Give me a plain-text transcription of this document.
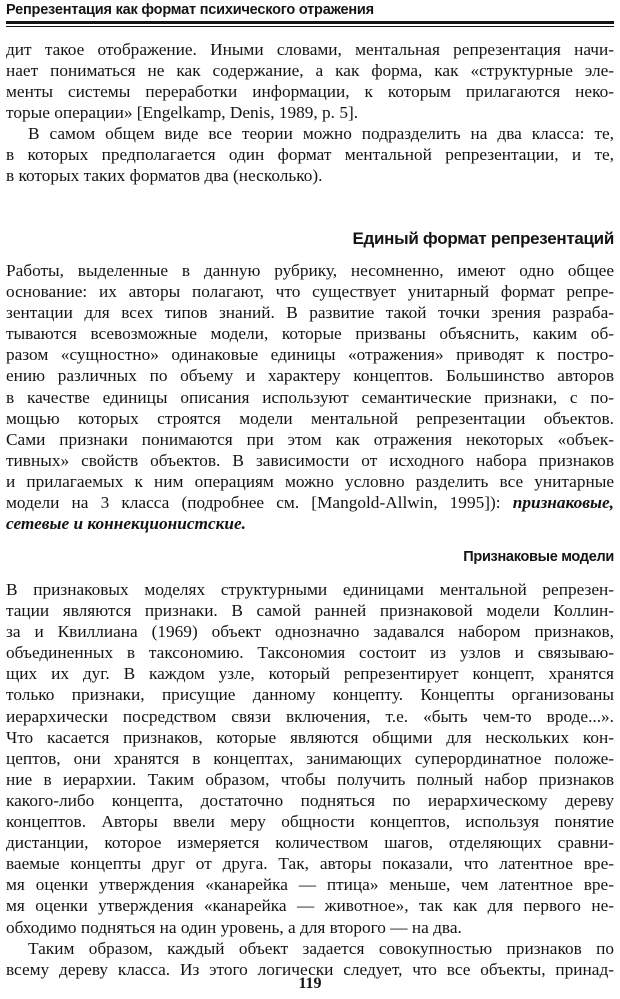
Репрезентация как формат психического отражения
дит такое отображение. Иными словами, ментальная репрезентация начи-
нает пониматься не как содержание, а как форма, как «структурные эле-
менты системы переработки информации, к которым прилагаются неко-
торые операции» [Engelkamp, Denis, 1989, p. 5].
В самом общем виде все теории можно подразделить на два класса: те,
в которых предполагается один формат ментальной репрезентации, и те,
в которых таких форматов два (несколько).
Единый формат репрезентаций
Работы, выделенные в данную рубрику, несомненно, имеют одно общее
основание: их авторы полагают, что существует унитарный формат репре-
зентации для всех типов знаний. В развитие такой точки зрения разраба-
тываются всевозможные модели, которые призваны объяснить, каким об-
разом «сущностно» одинаковые единицы «отражения» приводят к постро-
ению различных по объему и характеру концептов. Большинство авторов
в качестве единицы описания используют семантические признаки, с по-
мощью которых строятся модели ментальной репрезентации объектов.
Сами признаки понимаются при этом как отражения некоторых «объек-
тивных» свойств объектов. В зависимости от исходного набора признаков
и прилагаемых к ним операциям можно условно разделить все унитарные
модели на 3 класса (подробнее см. [Mangold-Allwin, 1995]): признаковые,
сетевые и коннекционистские.
Признаковые модели
В признаковых моделях структурными единицами ментальной репрезен-
тации являются признаки. В самой ранней признаковой модели Коллин-
за и Квиллиана (1969) объект однозначно задавался набором признаков,
объединенных в таксономию. Таксономия состоит из узлов и связываю-
щих их дуг. В каждом узле, который репрезентирует концепт, хранятся
только признаки, присущие данному концепту. Концепты организованы
иерархически посредством связи включения, т.е. «быть чем-то вроде...».
Что касается признаков, которые являются общими для нескольких кон-
цептов, они хранятся в концептах, занимающих суперординатное положе-
ние в иерархии. Таким образом, чтобы получить полный набор признаков
какого-либо концепта, достаточно подняться по иерархическому дереву
концептов. Авторы ввели меру общности концептов, используя понятие
дистанции, которое измеряется количеством шагов, отделяющих сравни-
ваемые концепты друг от друга. Так, авторы показали, что латентное вре-
мя оценки утверждения «канарейка — птица» меньше, чем латентное вре-
мя оценки утверждения «канарейка — животное», так как для первого не-
обходимо подняться на один уровень, а для второго — на два.
Таким образом, каждый объект задается совокупностью признаков по
всему дереву класса. Из этого логически следует, что все объекты, принад-
119
